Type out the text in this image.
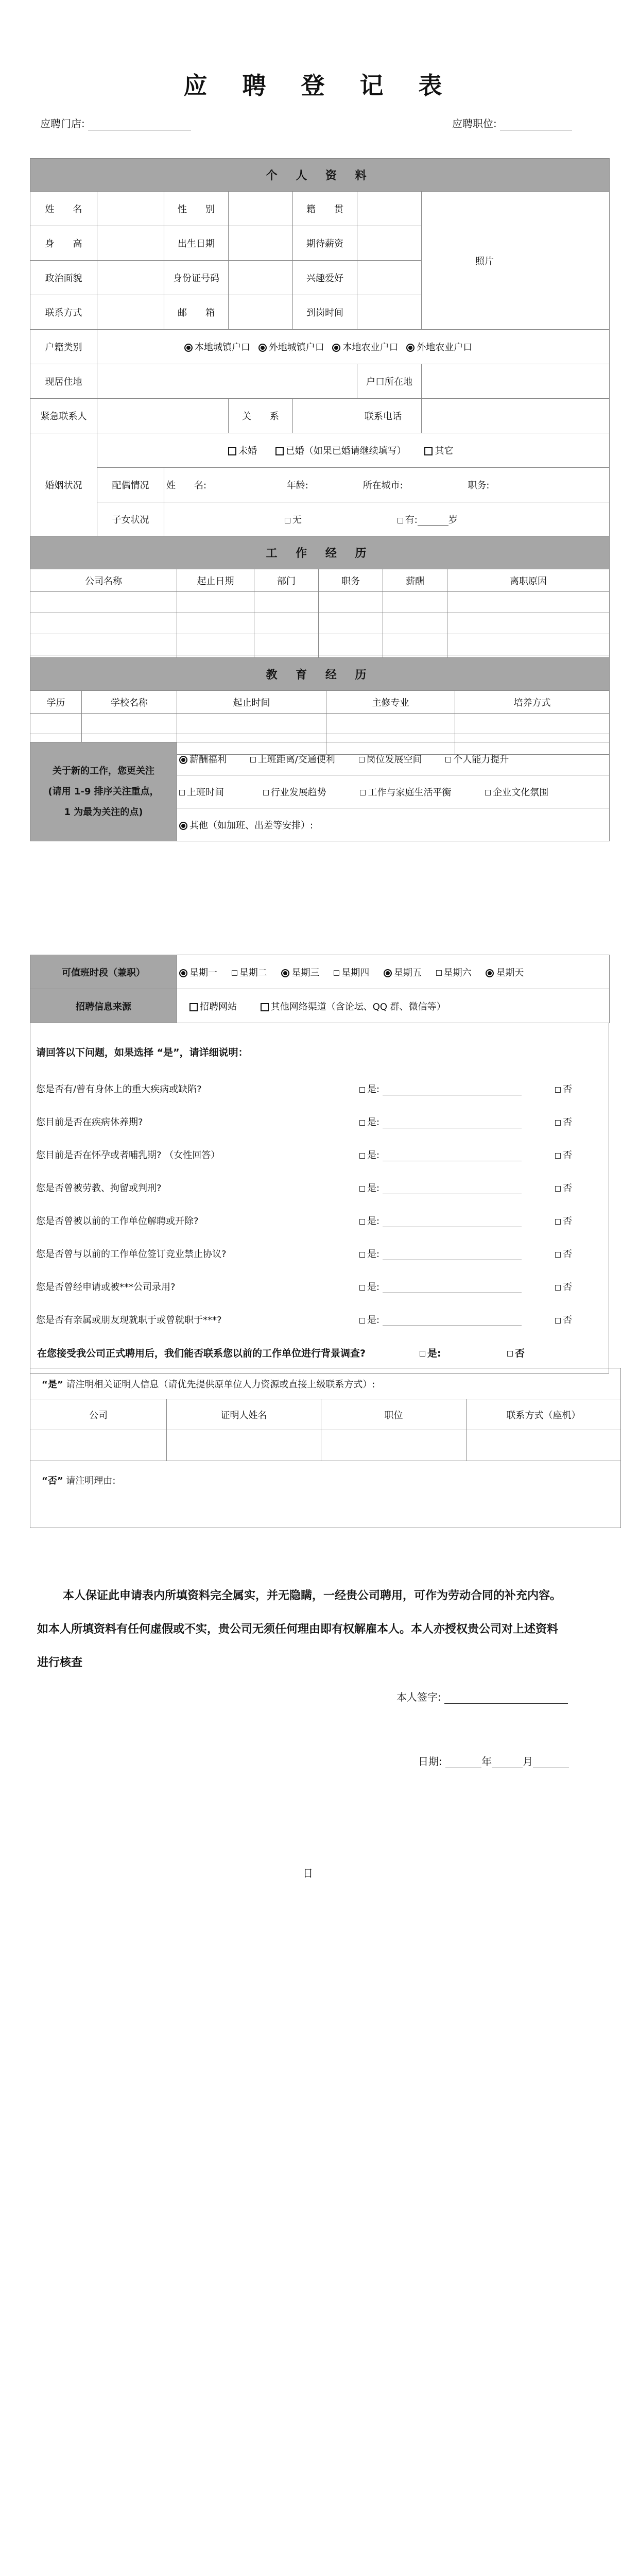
应 聘 登 记 表
应聘门店:	应聘职位:
个 人 资 料						
姓　　名		性　　别		籍　　贯		照片
身　　高		出生日期		期待薪资		
政治面貌		身份证号码		兴趣爱好		
联系方式		邮　　箱		到岗时间		
户籍类别	本地城镇户口 外地城镇户口 本地农业户口 外地农业户口					
现居住地					户口所在地	
紧急联系人			关　　系	联系电话		
婚姻状况	未婚 已婚（如果已婚请继续填写） 其它					
	配偶情况	姓　　名: 年龄: 所在城市: 职务:				
	子女状况	无 有: 岁				
工 作 经 历					
公司名称	起止日期	部门	职务	薪酬	离职原因

教 育 经 历				
学历	学校名称	起止时间	主修专业	培养方式

关于新的工作，您更关注
(请用 1-9 排序关注重点，
1 为最为关注的点)
	薪酬福利	上班距离/交通便利	岗位发展空间	个人能力提升
上班时间	行业发展趋势	工作与家庭生活平衡	企业文化氛围
其他（如加班、出差等安排）:
可值班时段（兼职）	星期一 星期二 星期三 星期四 星期五 星期六 星期天
招聘信息来源	招聘网站 其他网络渠道（含论坛、QQ 群、微信等）
请回答以下问题，如果选择 “是”，请详细说明：
您是否有/曾有身体上的重大疾病或缺陷?	是:	否
您目前是否在疾病休养期?	是:	否
您目前是否在怀孕或者哺乳期? （女性回答）	是:	否
您是否曾被劳教、拘留或判刑?	是:	否
您是否曾被以前的工作单位解聘或开除?	是:	否
您是否曾与以前的工作单位签订竞业禁止协议?	是:	否
您是否曾经申请或被***公司录用?	是:	否
您是否有亲属或朋友现就职于或曾就职于***?	是:	否
在您接受我公司正式聘用后，我们能否联系您以前的工作单位进行背景调查?	是:	否
“是” 请注明相关证明人信息（请优先提供原单位人力资源或直接上级联系方式）:			
公司	证明人姓名	职位	联系方式（座机）

“否” 请注明理由:			
本人保证此申请表内所填资料完全属实，并无隐瞒，一经贵公司聘用，可作为劳动合同的补充内容。
如本人所填资料有任何虚假或不实，贵公司无须任何理由即有权解雇本人。本人亦授权贵公司对上述资料
进行核查
本人签字:
日期:	年	月
日
